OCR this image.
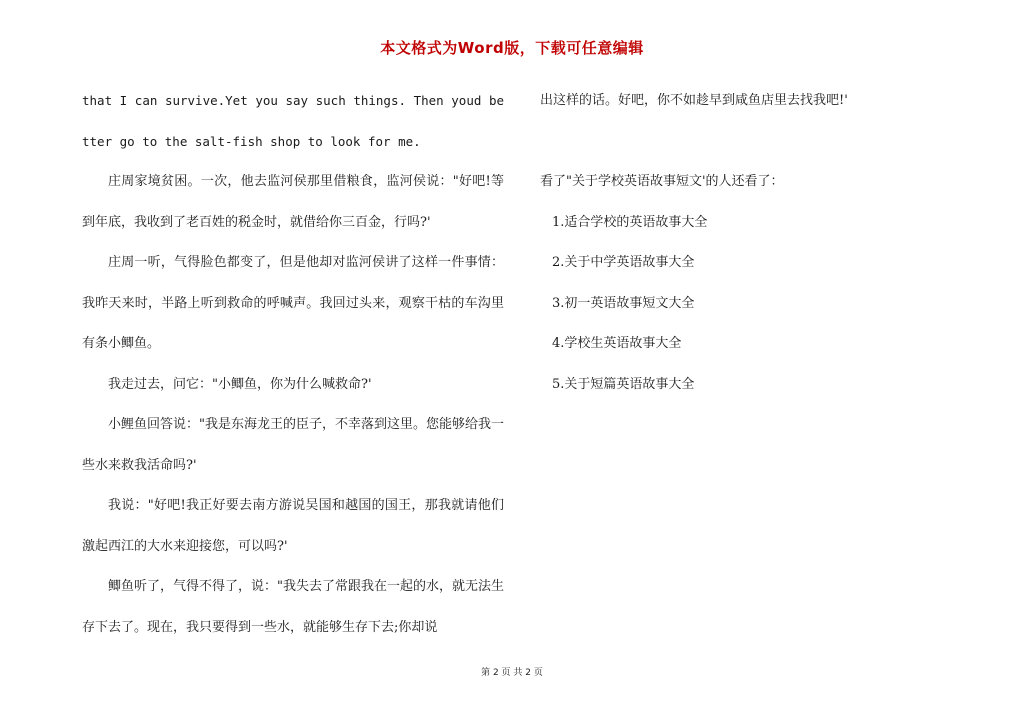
本文格式为Word版，下载可任意编辑

that I can survive.Yet you say such things. Then youd better go to the salt-fish shop to look for me.

庄周家境贫困。一次，他去监河侯那里借粮食，监河侯说："好吧!等到年底，我收到了老百姓的税金时，就借给你三百金，行吗?'

庄周一听，气得脸色都变了，但是他却对监河侯讲了这样一件事情：我昨天来时，半路上听到救命的呼喊声。我回过头来，观察干枯的车沟里有条小鲫鱼。

我走过去，问它："小鲫鱼，你为什么喊救命?'

小鲤鱼回答说："我是东海龙王的臣子，不幸落到这里。您能够给我一些水来救我活命吗?'

我说："好吧!我正好要去南方游说吴国和越国的国王，那我就请他们激起西江的大水来迎接您，可以吗?'

鲫鱼听了，气得不得了，说："我失去了常跟我在一起的水，就无法生存下去了。现在，我只要得到一些水，就能够生存下去;你却说

出这样的话。好吧，你不如趁早到咸鱼店里去找我吧!'

看了"关于学校英语故事短文'的人还看了：

1.适合学校的英语故事大全

2.关于中学英语故事大全

3.初一英语故事短文大全

4.学校生英语故事大全

5.关于短篇英语故事大全

第 2 页 共 2 页
